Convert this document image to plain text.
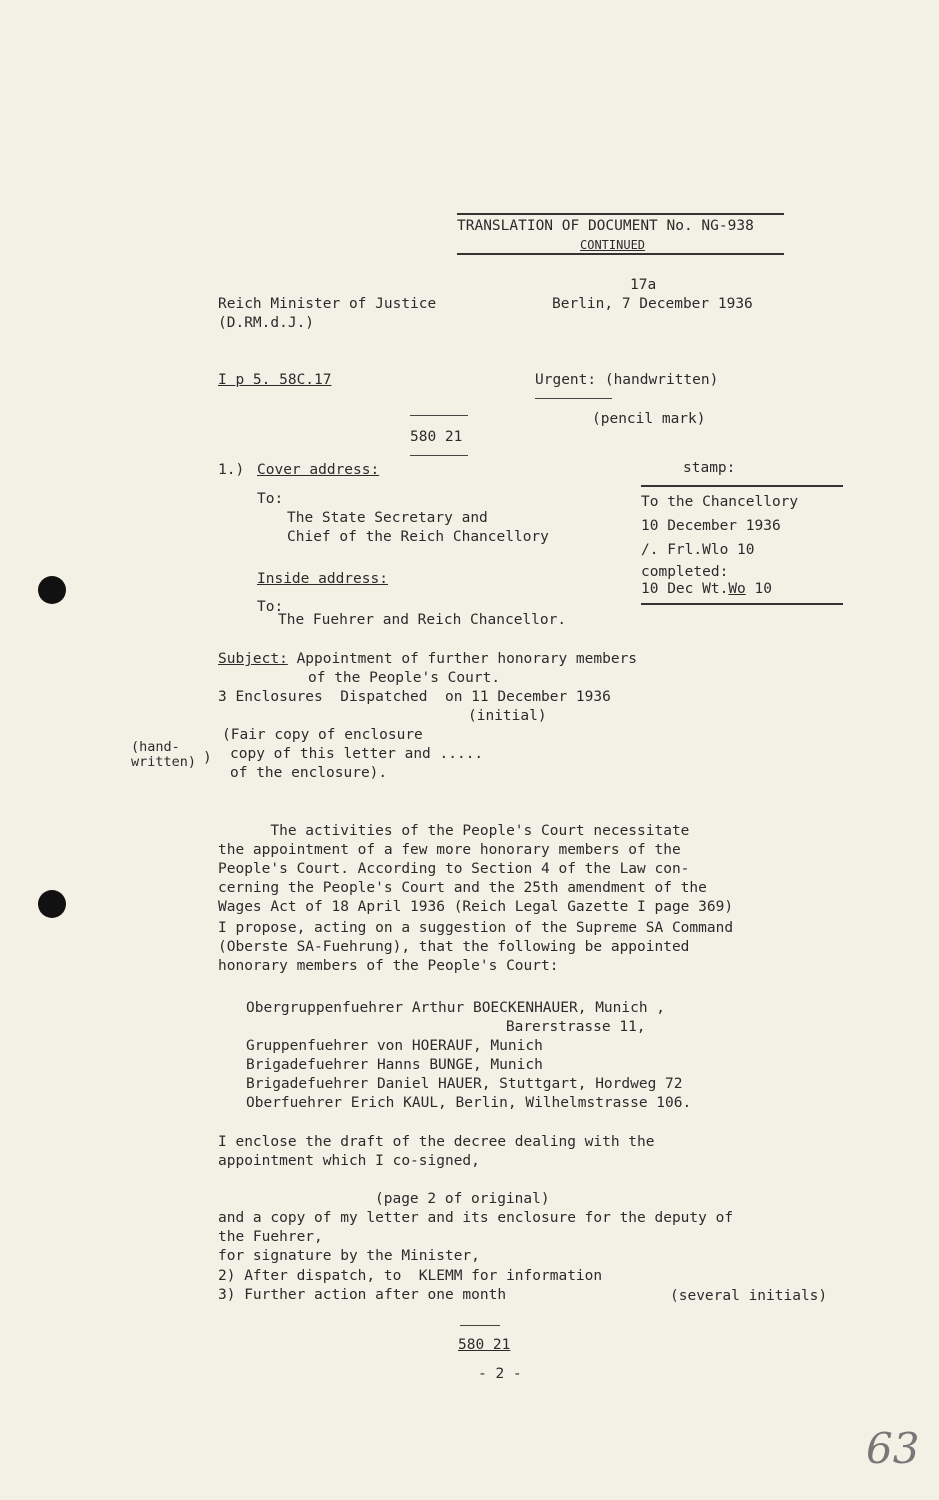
TRANSLATION OF DOCUMENT No. NG-938
CONTINUED
17a
Reich Minister of Justice
(D.RM.d.J.)
Berlin, 7 December 1936
I p 5. 58C.17	Urgent: (handwritten)
(pencil mark)
580 21
1.) Cover address:
To:
The State Secretary and
Chief of the Reich Chancellory
stamp:
To the Chancellory
10 December 1936
/. Frl.Wlo 10
completed:
10 Dec Wt.Wo 10
Inside address:
To:
The Fuehrer and Reich Chancellor.
Subject: Appointment of further honorary members
of the People's Court.
3 Enclosures  Dispatched  on 11 December 1936
(initial)
(Fair copy of enclosure
copy of this letter and .....
of the enclosure).
(hand-
written) )
The activities of the People's Court necessitate
the appointment of a few more honorary members of the
People's Court. According to Section 4 of the Law con-
cerning the People's Court and the 25th amendment of the
Wages Act of 18 April 1936 (Reich Legal Gazette I page 369)
I propose, acting on a suggestion of the Supreme SA Command
(Oberste SA-Fuehrung), that the following be appointed
honorary members of the People's Court:
Obergruppenfuehrer Arthur BOECKENHAUER, Munich ,
Barerstrasse 11,
Gruppenfuehrer von HOERAUF, Munich
Brigadefuehrer Hanns BUNGE, Munich
Brigadefuehrer Daniel HAUER, Stuttgart, Hordweg 72
Oberfuehrer Erich KAUL, Berlin, Wilhelmstrasse 106.
I enclose the draft of the decree dealing with the
appointment which I co-signed,
(page 2 of original)
and a copy of my letter and its enclosure for the deputy of
the Fuehrer,
for signature by the Minister,
2) After dispatch, to  KLEMM for information
3) Further action after one month	(several initials)
580 21
- 2 -
63
